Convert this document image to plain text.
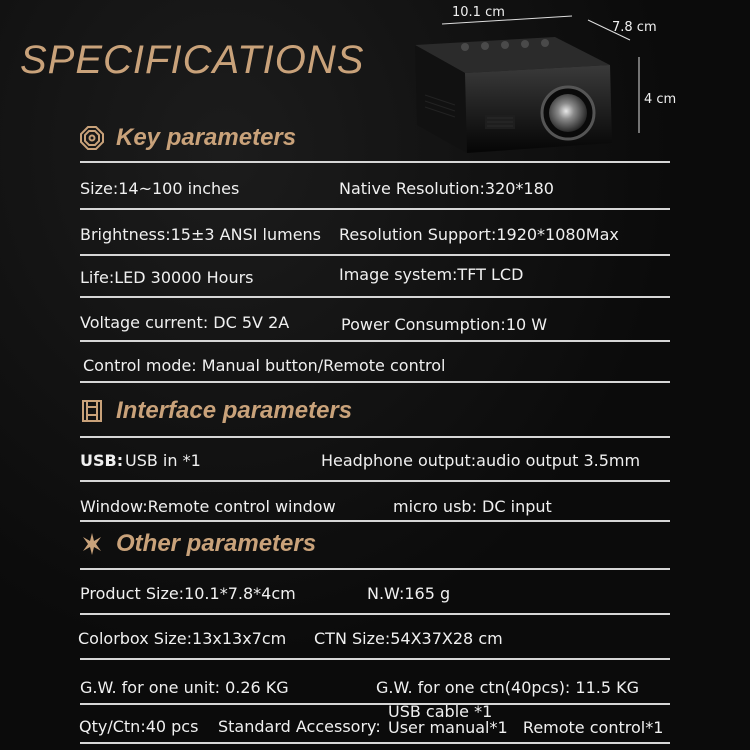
SPECIFICATIONS
10.1 cm
7.8 cm
4 cm
Key parameters
Size:14~100 inches	Native Resolution:320*180
Brightness:15±3 ANSI lumens Resolution Support:1920*1080Max
Life:LED 30000 Hours	Image system:TFT LCD
Voltage current: DC 5V 2A	Power Consumption:10 W
Control mode: Manual button/Remote control
Interface parameters
USB: USB in *1	Headphone output:audio output 3.5mm
Window:Remote control window	micro usb: DC input
Other parameters
Product Size:10.1*7.8*4cm	N.W:165 g
Colorbox Size:13x13x7cm CTN Size:54X37X28 cm
G.W. for one unit: 0.26 KG	G.W. for one ctn(40pcs): 11.5 KG
Qty/Ctn:40 pcs Standard Accessory:
USB cable *1
User manual*1   Remote control*1
